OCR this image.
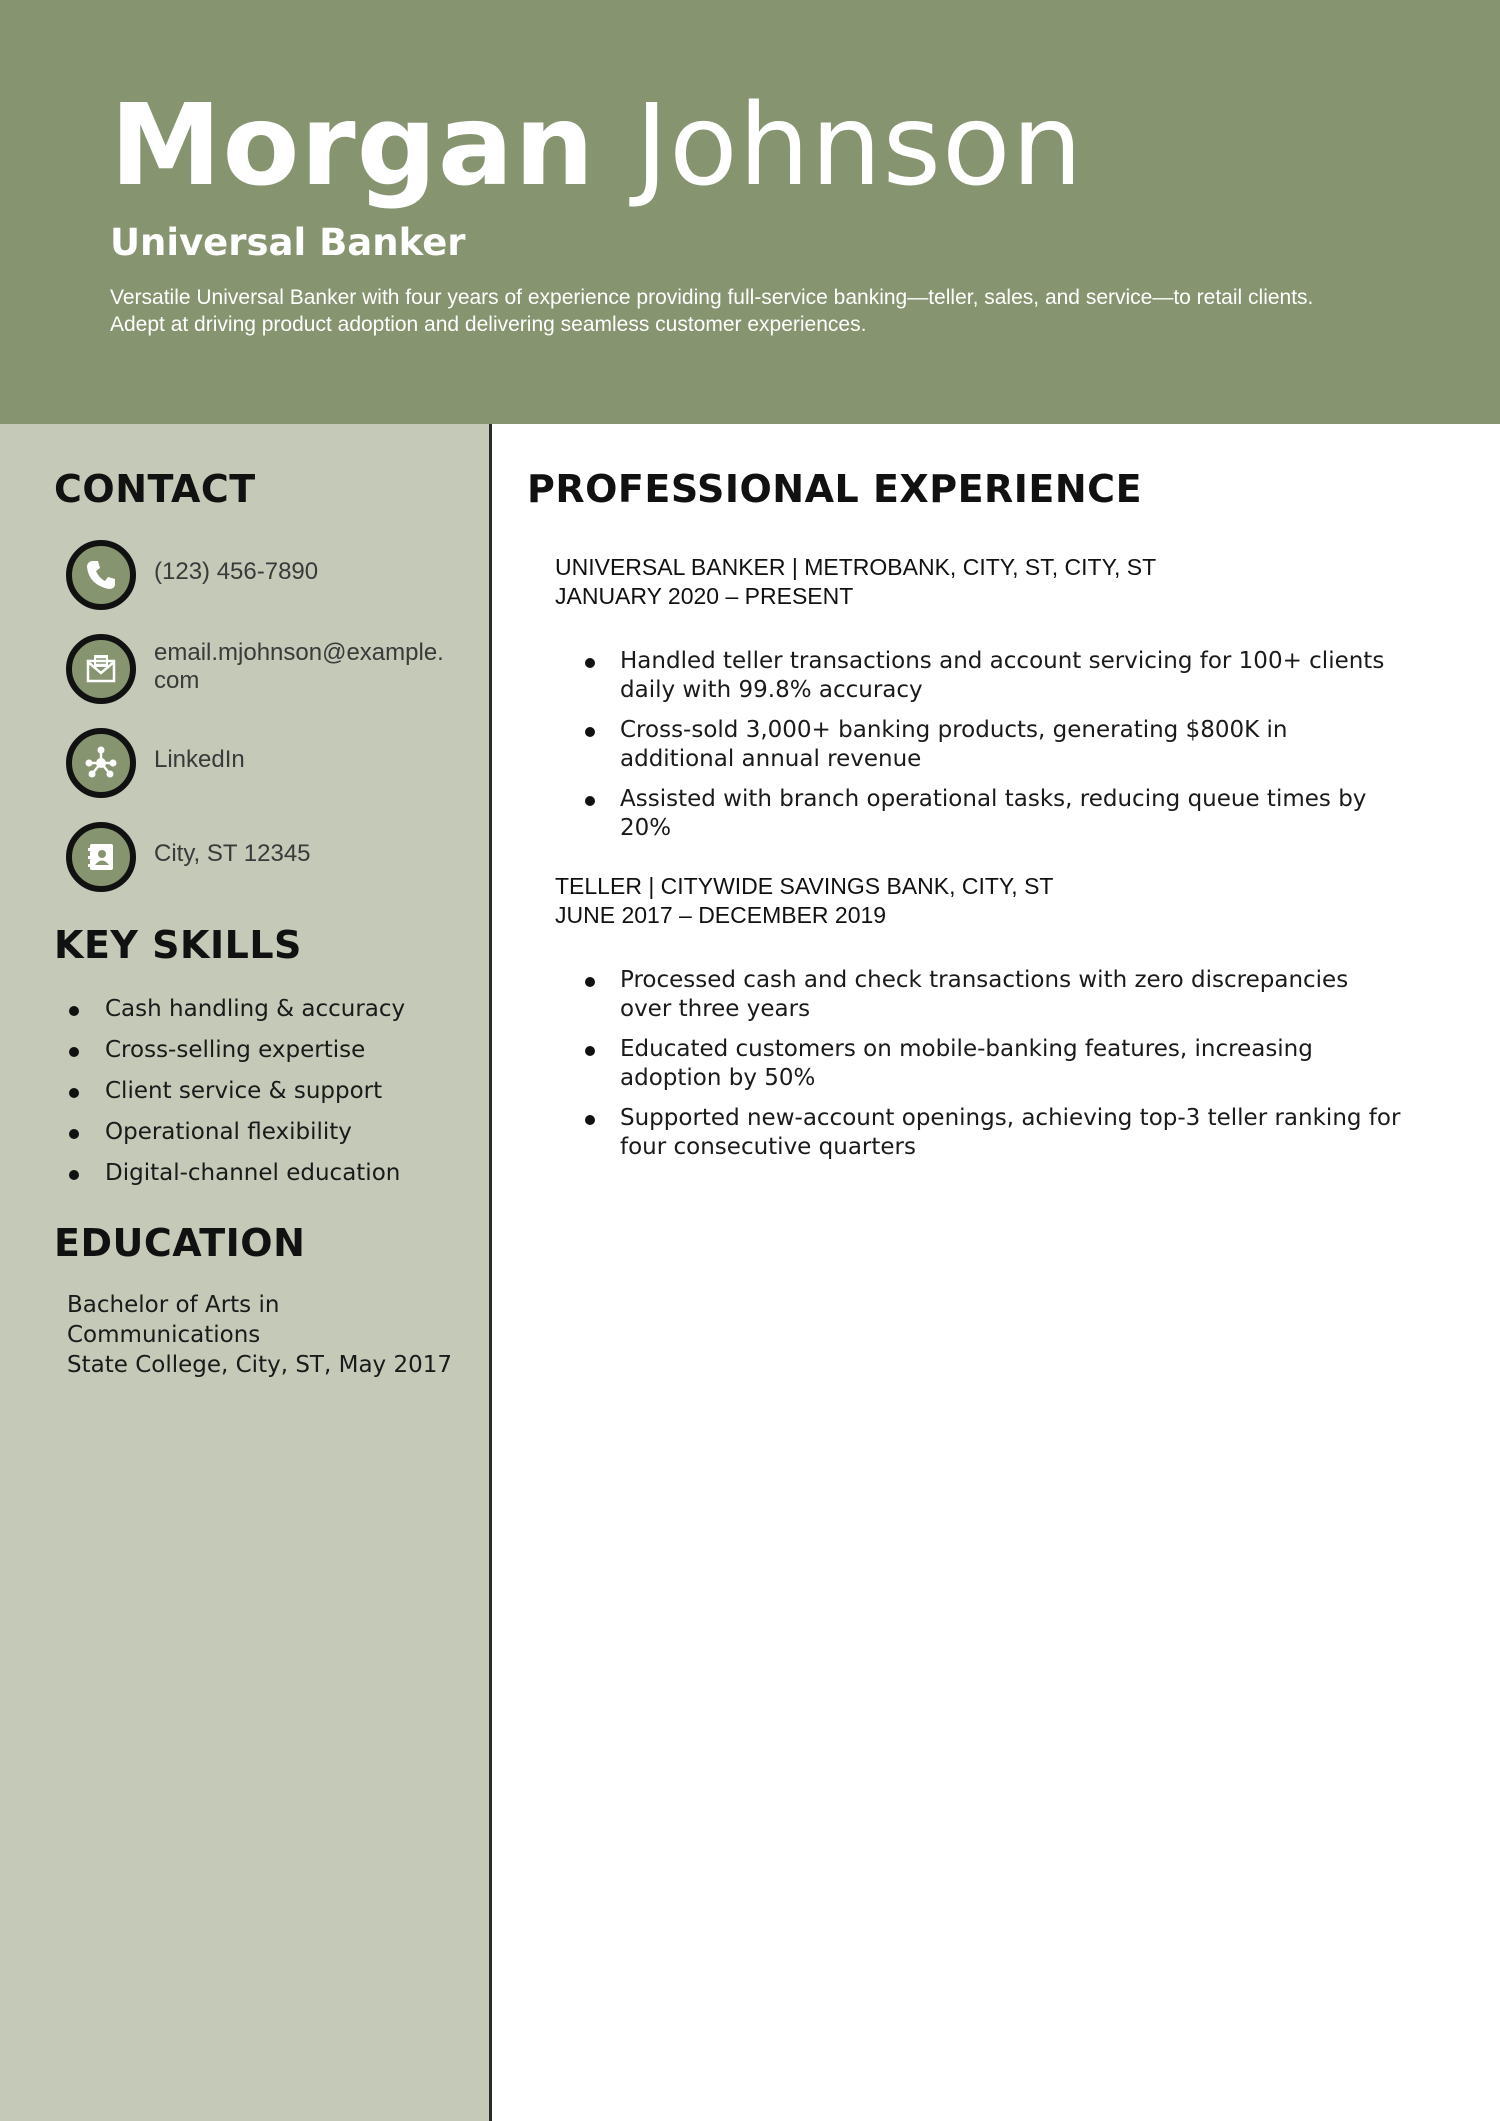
Morgan Johnson
Universal Banker

Versatile Universal Banker with four years of experience providing full-service banking—teller, sales, and service—to retail clients.
Adept at driving product adoption and delivering seamless customer experiences.

CONTACT
(123) 456-7890
email.mjohnson@example.
com
LinkedIn
City, ST 12345
KEY SKILLS
Cash handling & accuracy
Cross-selling expertise
Client service & support
Operational flexibility
Digital-channel education
EDUCATION
Bachelor of Arts in
Communications
State College, City, ST, May 2017
PROFESSIONAL EXPERIENCE
UNIVERSAL BANKER | METROBANK, CITY, ST, CITY, ST
JANUARY 2020 – PRESENT
Handled teller transactions and account servicing for 100+ clients daily with 99.8% accuracy
Cross-sold 3,000+ banking products, generating $800K in additional annual revenue
Assisted with branch operational tasks, reducing queue times by 20%
TELLER | CITYWIDE SAVINGS BANK, CITY, ST
JUNE 2017 – DECEMBER 2019
Processed cash and check transactions with zero discrepancies over three years
Educated customers on mobile-banking features, increasing adoption by 50%
Supported new-account openings, achieving top-3 teller ranking for four consecutive quarters
